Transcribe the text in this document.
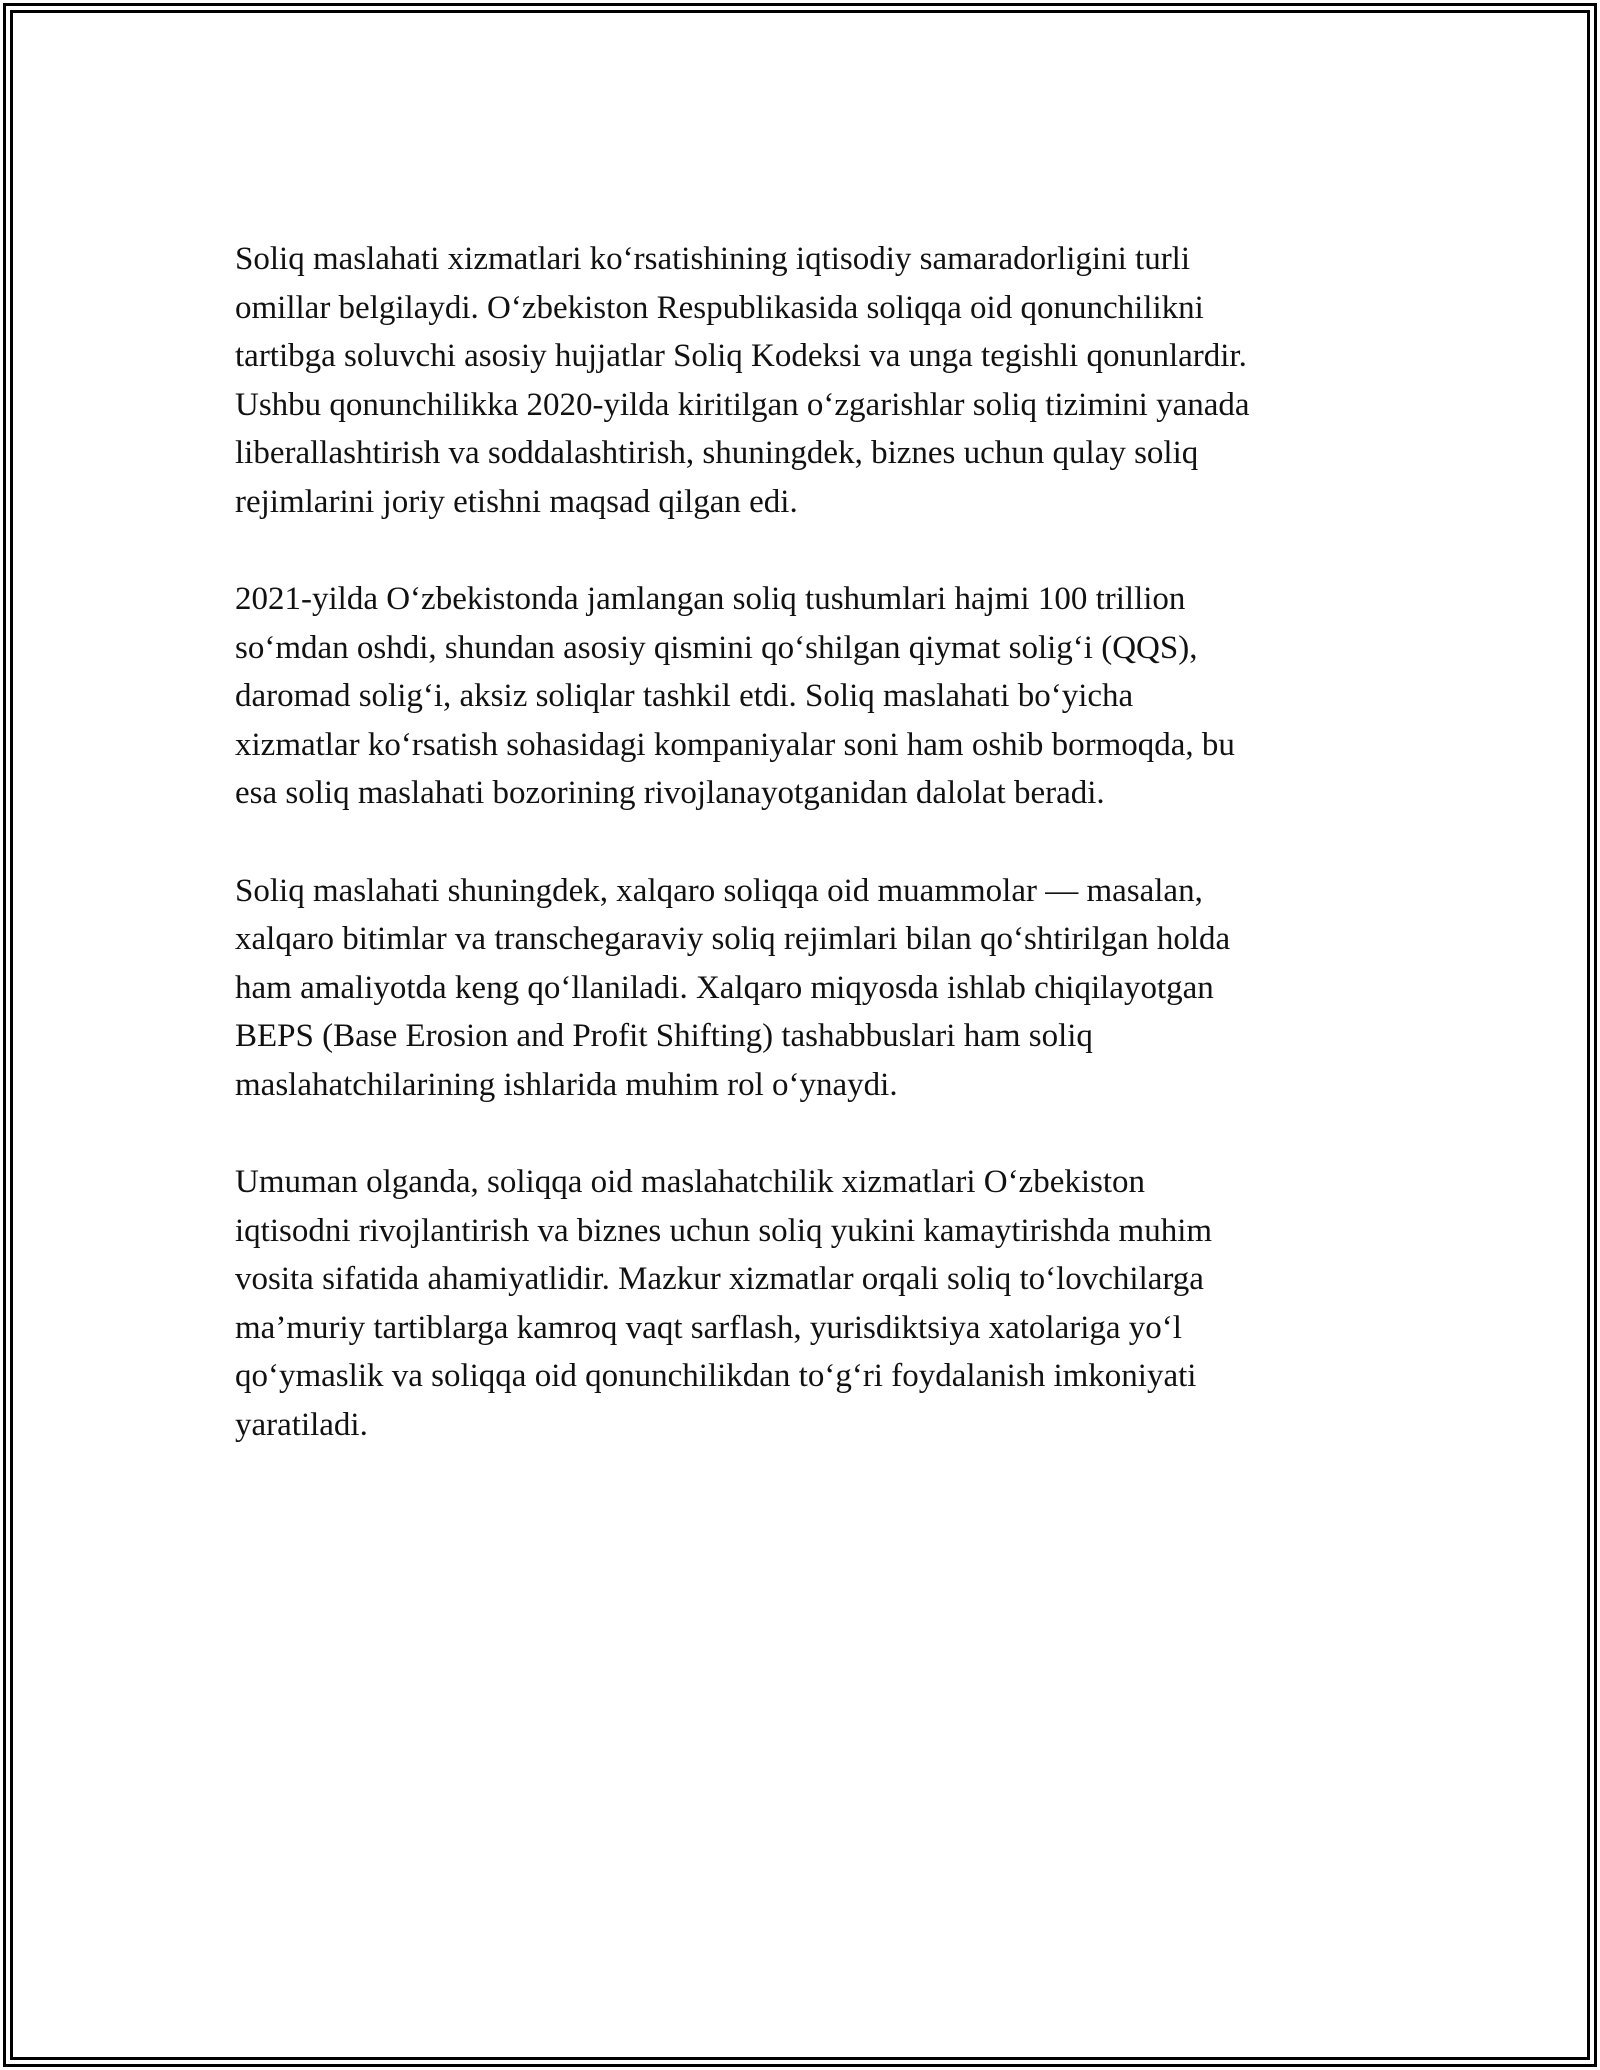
Soliq maslahati xizmatlari ko‘rsatishining iqtisodiy samaradorligini turli
omillar belgilaydi. O‘zbekiston Respublikasida soliqqa oid qonunchilikni
tartibga soluvchi asosiy hujjatlar Soliq Kodeksi va unga tegishli qonunlardir.
Ushbu qonunchilikka 2020-yilda kiritilgan o‘zgarishlar soliq tizimini yanada
liberallashtirish va soddalashtirish, shuningdek, biznes uchun qulay soliq
rejimlarini joriy etishni maqsad qilgan edi.

2021-yilda O‘zbekistonda jamlangan soliq tushumlari hajmi 100 trillion
so‘mdan oshdi, shundan asosiy qismini qo‘shilgan qiymat solig‘i (QQS),
daromad solig‘i, aksiz soliqlar tashkil etdi. Soliq maslahati bo‘yicha
xizmatlar ko‘rsatish sohasidagi kompaniyalar soni ham oshib bormoqda, bu
esa soliq maslahati bozorining rivojlanayotganidan dalolat beradi.

Soliq maslahati shuningdek, xalqaro soliqqa oid muammolar — masalan,
xalqaro bitimlar va transchegaraviy soliq rejimlari bilan qo‘shtirilgan holda
ham amaliyotda keng qo‘llaniladi. Xalqaro miqyosda ishlab chiqilayotgan
BEPS (Base Erosion and Profit Shifting) tashabbuslari ham soliq
maslahatchilarining ishlarida muhim rol o‘ynaydi.

Umuman olganda, soliqqa oid maslahatchilik xizmatlari O‘zbekiston
iqtisodni rivojlantirish va biznes uchun soliq yukini kamaytirishda muhim
vosita sifatida ahamiyatlidir. Mazkur xizmatlar orqali soliq to‘lovchilarga
ma’muriy tartiblarga kamroq vaqt sarflash, yurisdiktsiya xatolariga yo‘l
qo‘ymaslik va soliqqa oid qonunchilikdan to‘g‘ri foydalanish imkoniyati
yaratiladi.
